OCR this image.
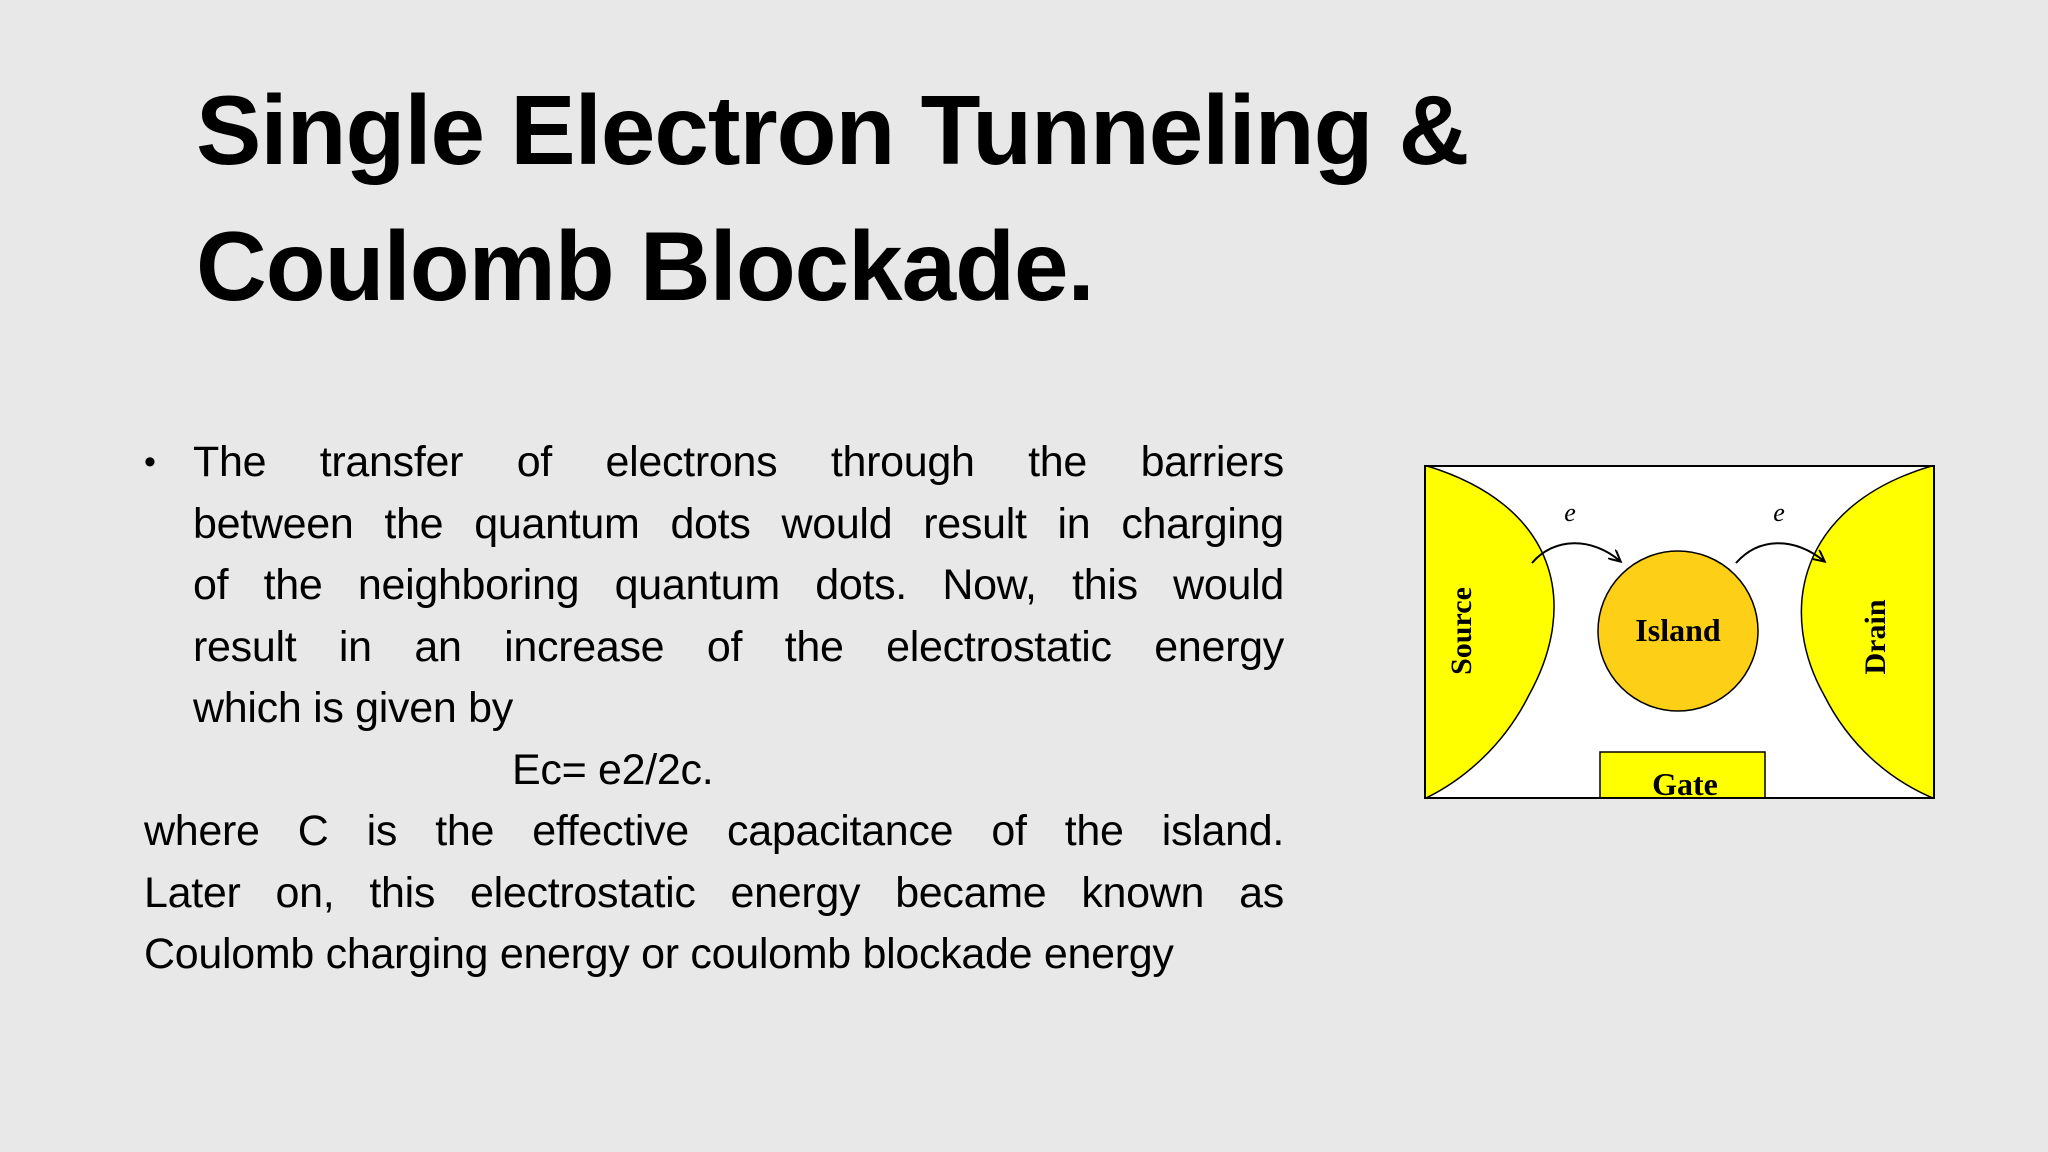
Single Electron Tunneling &
Coulomb Blockade.
• The transfer of electrons through the barriers
between the quantum dots would result in charging
of the neighboring quantum dots. Now, this would
result in an increase of the electrostatic energy
which is given by
Ec= e2/2c.
where C is the effective capacitance of the island.
Later on, this electrostatic energy became known as
Coulomb charging energy or coulomb blockade energy
e	e
Island
Gate
Source	Drain
